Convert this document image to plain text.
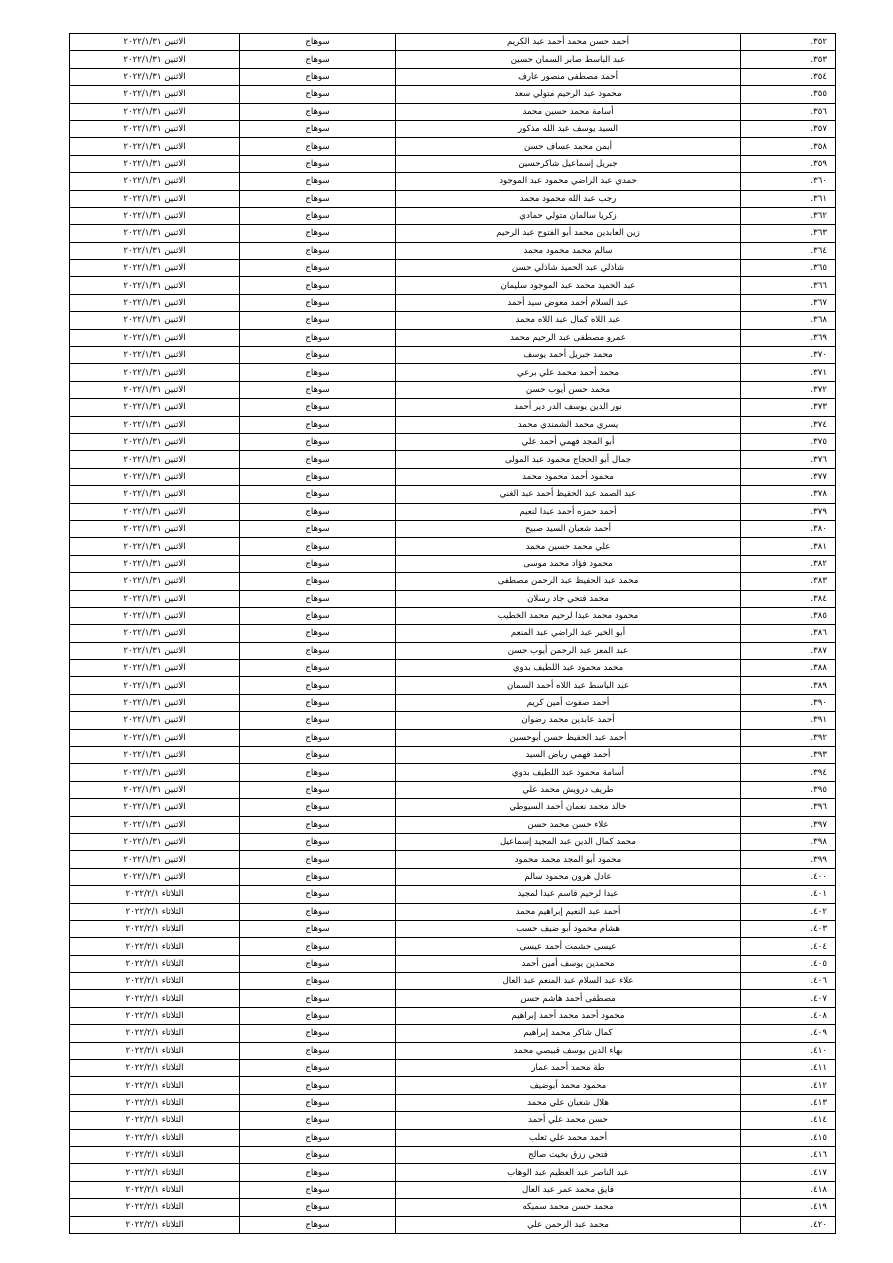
٣٥٢.	أحمد حسن محمد أحمد عبد الكريم	سوهاج	الاثنين ٢٠٢٢/١/٣١
٣٥٣.	عبد الباسط صابر السمان حسين	سوهاج	الاثنين ٢٠٢٢/١/٣١
٣٥٤.	أحمد مصطفى منصور عارف	سوهاج	الاثنين ٢٠٢٢/١/٣١
٣٥٥.	محمود عبد الرحيم متولي سعد	سوهاج	الاثنين ٢٠٢٢/١/٣١
٣٥٦.	أسامة محمد حسين محمد	سوهاج	الاثنين ٢٠٢٢/١/٣١
٣٥٧.	السيد يوسف عبد الله مذكور	سوهاج	الاثنين ٢٠٢٢/١/٣١
٣٥٨.	أيمن محمد عساف حسن	سوهاج	الاثنين ٢٠٢٢/١/٣١
٣٥٩.	جبريل إسماعيل شاكرحسين	سوهاج	الاثنين ٢٠٢٢/١/٣١
٣٦٠.	حمدي عبد الراضي محمود عبد الموجود	سوهاج	الاثنين ٢٠٢٢/١/٣١
٣٦١.	رجب عبد الله محمود محمد	سوهاج	الاثنين ٢٠٢٢/١/٣١
٣٦٢.	زكريا سالمان متولي حمادي	سوهاج	الاثنين ٢٠٢٢/١/٣١
٣٦٣.	زين العابدين محمد أبو الفتوح عبد الرحيم	سوهاج	الاثنين ٢٠٢٢/١/٣١
٣٦٤.	سالم محمد محمود محمد	سوهاج	الاثنين ٢٠٢٢/١/٣١
٣٦٥.	شاذلي عبد الحميد شاذلي حسن	سوهاج	الاثنين ٢٠٢٢/١/٣١
٣٦٦.	عبد الحميد محمد عبد الموجود سليمان	سوهاج	الاثنين ٢٠٢٢/١/٣١
٣٦٧.	عبد السلام أحمد معوض سيد أحمد	سوهاج	الاثنين ٢٠٢٢/١/٣١
٣٦٨.	عبد اللاه كمال عبد اللاه محمد	سوهاج	الاثنين ٢٠٢٢/١/٣١
٣٦٩.	عمرو مصطفى عبد الرحيم محمد	سوهاج	الاثنين ٢٠٢٢/١/٣١
٣٧٠.	محمد جبريل أحمد يوسف	سوهاج	الاثنين ٢٠٢٢/١/٣١
٣٧١.	محمد أحمد محمد علي برعي	سوهاج	الاثنين ٢٠٢٢/١/٣١
٣٧٢.	محمد حسن أيوب حسن	سوهاج	الاثنين ٢٠٢٢/١/٣١
٣٧٣.	نور الدين يوسف الدر دير أحمد	سوهاج	الاثنين ٢٠٢٢/١/٣١
٣٧٤.	يسري محمد الشمندي محمد	سوهاج	الاثنين ٢٠٢٢/١/٣١
٣٧٥.	أبو المجد فهمي أحمد علي	سوهاج	الاثنين ٢٠٢٢/١/٣١
٣٧٦.	جمال أبو الحجاج محمود عبد المولى	سوهاج	الاثنين ٢٠٢٢/١/٣١
٣٧٧.	محمود أحمد محمود محمد	سوهاج	الاثنين ٢٠٢٢/١/٣١
٣٧٨.	عبد الصمد عبد الحفيظ أحمد عبد الغني	سوهاج	الاثنين ٢٠٢٢/١/٣١
٣٧٩.	أحمد حمزه أحمد عبدا لنعيم	سوهاج	الاثنين ٢٠٢٢/١/٣١
٣٨٠.	أحمد شعبان السيد صبيح	سوهاج	الاثنين ٢٠٢٢/١/٣١
٣٨١.	علي محمد حسين محمد	سوهاج	الاثنين ٢٠٢٢/١/٣١
٣٨٢.	محمود فؤاد محمد موسى	سوهاج	الاثنين ٢٠٢٢/١/٣١
٣٨٣.	محمد عبد الحفيظ عبد الرحمن مصطفى	سوهاج	الاثنين ٢٠٢٢/١/٣١
٣٨٤.	محمد فتحي جاد رسلان	سوهاج	الاثنين ٢٠٢٢/١/٣١
٣٨٥.	محمود محمد عبدا لرحيم محمد الخطيب	سوهاج	الاثنين ٢٠٢٢/١/٣١
٣٨٦.	أبو الخير عبد الراضي عبد المنعم	سوهاج	الاثنين ٢٠٢٢/١/٣١
٣٨٧.	عبد المعز عبد الرحمن أيوب حسن	سوهاج	الاثنين ٢٠٢٢/١/٣١
٣٨٨.	محمد محمود عبد اللطيف بدوي	سوهاج	الاثنين ٢٠٢٢/١/٣١
٣٨٩.	عبد الباسط عبد اللاه أحمد السمان	سوهاج	الاثنين ٢٠٢٢/١/٣١
٣٩٠.	أحمد صفوت أمين كريم	سوهاج	الاثنين ٢٠٢٢/١/٣١
٣٩١.	أحمد عابدين محمد رضوان	سوهاج	الاثنين ٢٠٢٢/١/٣١
٣٩٢.	أحمد عبد الحفيظ حسن أبوحسين	سوهاج	الاثنين ٢٠٢٢/١/٣١
٣٩٣.	أحمد فهمي رياض السيد	سوهاج	الاثنين ٢٠٢٢/١/٣١
٣٩٤.	أسامة محمود عبد اللطيف بدوي	سوهاج	الاثنين ٢٠٢٢/١/٣١
٣٩٥.	طريف درويش محمد علي	سوهاج	الاثنين ٢٠٢٢/١/٣١
٣٩٦.	خالد محمد نعمان أحمد السيوطي	سوهاج	الاثنين ٢٠٢٢/١/٣١
٣٩٧.	علاء حسن محمد حسن	سوهاج	الاثنين ٢٠٢٢/١/٣١
٣٩٨.	محمد كمال الدين عبد المجيد إسماعيل	سوهاج	الاثنين ٢٠٢٢/١/٣١
٣٩٩.	محمود أبو المجد محمد محمود	سوهاج	الاثنين ٢٠٢٢/١/٣١
٤٠٠.	عادل هرون محمود سالم	سوهاج	الاثنين ٢٠٢٢/١/٣١
٤٠١.	عبدا لرحيم قاسم عبدا لمجيد	سوهاج	الثلاثاء ٢٠٢٢/٢/١
٤٠٢.	أحمد عبد النعيم إبراهيم محمد	سوهاج	الثلاثاء ٢٠٢٢/٢/١
٤٠٣.	هشام محمود أبو ضيف حسب	سوهاج	الثلاثاء ٢٠٢٢/٢/١
٤٠٤.	عيسى حشمت أحمد عيسى	سوهاج	الثلاثاء ٢٠٢٢/٢/١
٤٠٥.	محمدين يوسف أمين أحمد	سوهاج	الثلاثاء ٢٠٢٢/٢/١
٤٠٦.	علاء عبد السلام عبد المنعم عبد العال	سوهاج	الثلاثاء ٢٠٢٢/٢/١
٤٠٧.	مصطفى أحمد هاشم حسن	سوهاج	الثلاثاء ٢٠٢٢/٢/١
٤٠٨.	محمود أحمد محمد أحمد إبراهيم	سوهاج	الثلاثاء ٢٠٢٢/٢/١
٤٠٩.	كمال شاكر محمد إبراهيم	سوهاج	الثلاثاء ٢٠٢٢/٢/١
٤١٠.	بهاء الدين يوسف قبيصي محمد	سوهاج	الثلاثاء ٢٠٢٢/٢/١
٤١١.	طة محمد أحمد عمار	سوهاج	الثلاثاء ٢٠٢٢/٢/١
٤١٢.	محمود محمد أبوضيف	سوهاج	الثلاثاء ٢٠٢٢/٢/١
٤١٣.	هلال شعبان علي محمد	سوهاج	الثلاثاء ٢٠٢٢/٢/١
٤١٤.	حسن محمد علي أحمد	سوهاج	الثلاثاء ٢٠٢٢/٢/١
٤١٥.	أحمد محمد علي ثعلب	سوهاج	الثلاثاء ٢٠٢٢/٢/١
٤١٦.	فتحي رزق بخيت صالح	سوهاج	الثلاثاء ٢٠٢٢/٢/١
٤١٧.	عبد الناصر عبد العظيم عبد الوهاب	سوهاج	الثلاثاء ٢٠٢٢/٢/١
٤١٨.	فايق محمد عمر عبد العال	سوهاج	الثلاثاء ٢٠٢٢/٢/١
٤١٩.	محمد حسن محمد سميكه	سوهاج	الثلاثاء ٢٠٢٢/٢/١
٤٢٠.	محمد عبد الرحمن علي	سوهاج	الثلاثاء ٢٠٢٢/٢/١
